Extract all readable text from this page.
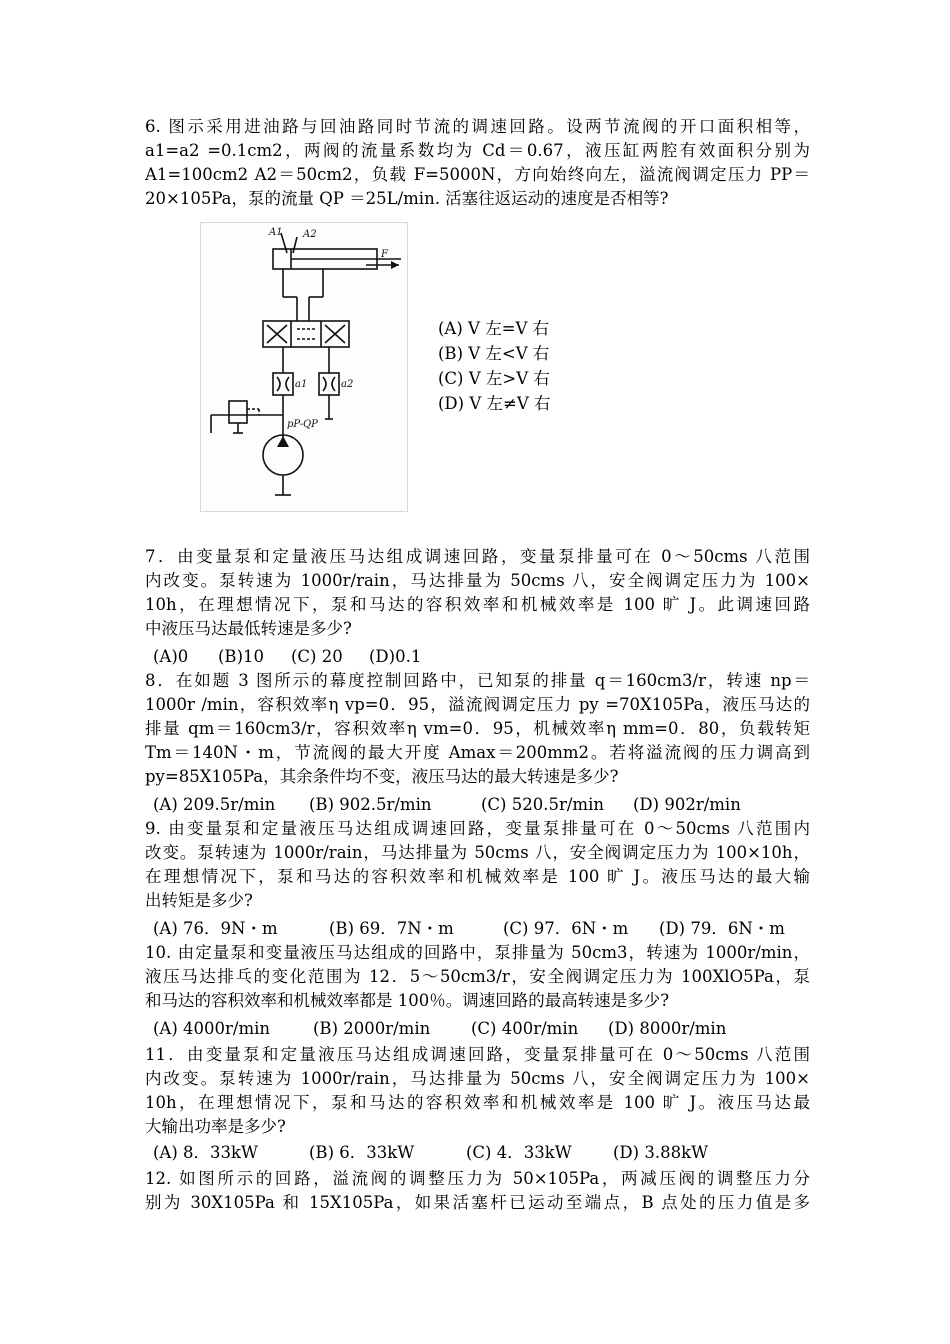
6. 图示采用进油路与回油路同时节流的调速回路。设两节流阀的开口面积相等，
a1=a2 =0.1cm2，两阀的流量系数均为 Cd＝0.67，液压缸两腔有效面积分别为
A1=100cm2 A2＝50cm2，负载 F=5000N，方向始终向左，溢流阀调定压力 PP＝
20×105Pa，泵的流量 QP ＝25L/min. 活塞往返运动的速度是否相等?
A1 A2
F
a1	a2
pP-QP
(A) V 左=V 右
(B) V 左<V 右
(C) V 左>V 右
(D) V 左≠V 右
7．由变量泵和定量液压马达组成调速回路，变量泵排量可在 0～50cms 八范围
内改变。泵转速为 1000r/rain，马达排量为 50cms 八，安全阀调定压力为 100×
10h，在理想情况下，泵和马达的容积效率和机械效率是 100 旷 J。此调速回路
中液压马达最低转速是多少?
(A)0 (B)10 (C) 20 (D)0.1
8．在如题 3 图所示的幕度控制回路中，已知泵的排量 q＝160cm3/r，转速 np＝
1000r /min，容积效率η vp=0．95，溢流阀调定压力 py =70X105Pa，液压马达的
排量 qm＝160cm3/r，容积效率η vm=0．95，机械效率η mm=0．80，负载转矩
Tm＝140N・m，节流阀的最大开度 Amax＝200mm2。若将溢流阀的压力调高到
py=85X105Pa，其余条件均不变，液压马达的最大转速是多少?
(A) 209.5r/min (B) 902.5r/min	(C) 520.5r/min (D) 902r/min
9. 由变量泵和定量液压马达组成调速回路，变量泵排量可在 0～50cms 八范围内
改变。泵转速为 1000r/rain，马达排量为 50cms 八，安全阀调定压力为 100×10h，
在理想情况下，泵和马达的容积效率和机械效率是 100 旷 J。液压马达的最大输
出转矩是多少?
(A) 76．9N・m	(B) 69．7N・m	(C) 97．6N・m (D) 79．6N・m
10. 由定量泵和变量液压马达组成的回路中，泵排量为 50cm3，转速为 1000r/min，
液压马达排乓的变化范围为 12．5～50cm3/r，安全阀调定压力为 100XlO5Pa，泵
和马达的容积效率和机械效率都是 100％。调速回路的最高转速是多少?
(A) 4000r/min	(B) 2000r/min (C) 400r/min (D) 8000r/min
11．由变量泵和定量液压马达组成调速回路，变量泵排量可在 0～50cms 八范围
内改变。泵转速为 1000r/rain，马达排量为 50cms 八，安全阀调定压力为 100×
10h，在理想情况下，泵和马达的容积效率和机械效率是 100 旷 J。液压马达最
大输出功率是多少?
(A) 8．33kW	(B) 6．33kW	(C) 4．33kW	(D) 3.88kW
12. 如图所示的回路，溢流阀的调整压力为 50×105Pa，两减压阀的调整压力分
别为 30X105Pa 和 15X105Pa，如果活塞杆已运动至端点，B 点处的压力值是多
